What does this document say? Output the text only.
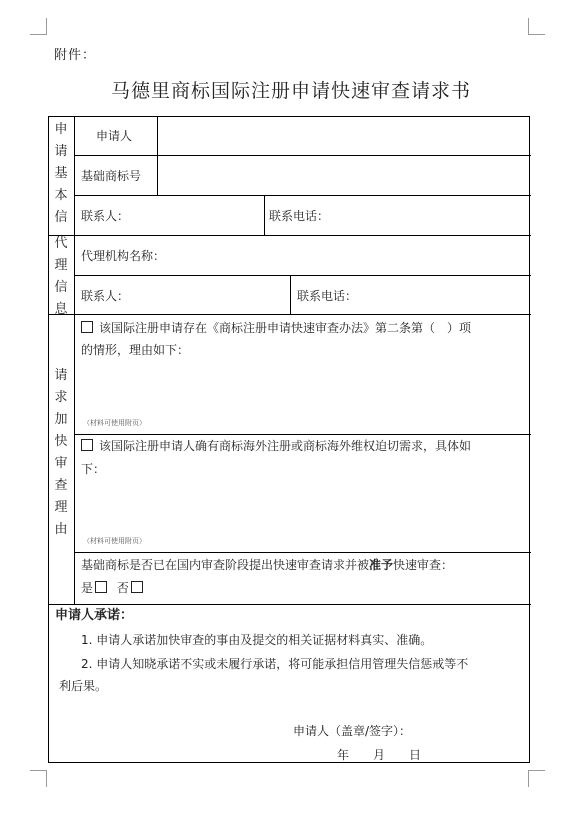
附件：
马德里商标国际注册申请快速审查请求书
申
请
基
本
信
申请人
基础商标号
联系人：	联系电话：
代
理
信
息
代理机构名称：
联系人：	联系电话：
请
求
加
快
审
查
理
由
该国际注册申请存在《商标注册申请快速审查办法》第二条第（　）项
的情形，理由如下：
（材料可使用附页）
该国际注册申请人确有商标海外注册或商标海外维权迫切需求，具体如
下：
（材料可使用附页）
基础商标是否已在国内审查阶段提出快速审查请求并被准予快速审查：
是 否
申请人承诺：
1. 申请人承诺加快审查的事由及提交的相关证据材料真实、准确。
2. 申请人知晓承诺不实或未履行承诺，将可能承担信用管理失信惩戒等不
利后果。
申请人（盖章/签字）：
年　　月　　日
